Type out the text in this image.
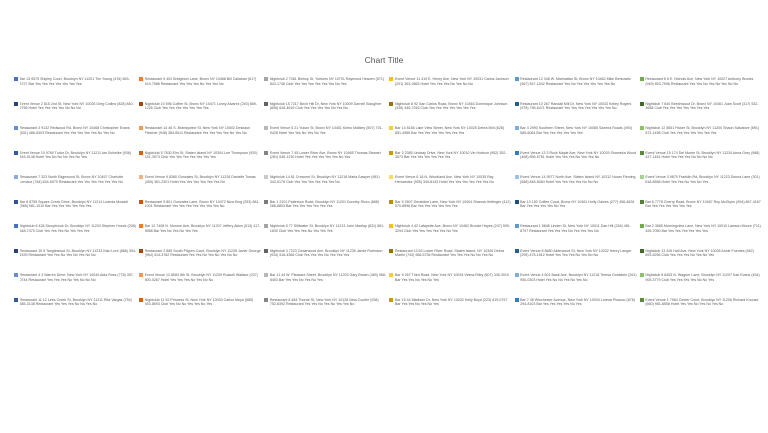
Chart Title
Bar 13 9575 Shipley Court, Brooklyn NY 11201 Tim Young (476) 653-2727 Bar Yes Yes Yes Yes Yes Yes Yes
Restaurant 5 402 Bridgeton Lane, Bronx NY 10468 Bill Callahan (617) 419-7986 Restaurant Yes Yes Yes No Yes Yes No
Nightclub 2 7061 Bishop St, Yonkers NY 10701 Raymond Heaven (571) 843-1746 Club Yes Yes Yes Yes Yes Yes No Yes
Event Venue 11 419 E. Henry Ave, New York NY 10031 Carlos Jackson (201) 363-0653 Hotel Yes Yes Yes No Yes No No
Restaurant 12 348 W. Manhattan St, Bronx NY 10462 Mike Berkowitz (567) 547-1542 Restaurant Yes No Yes Yes Yes Yes Yes No
Restaurant 6 6 E. Nichols Ave, New York NY 10027 Anthony Brooks (949) 803-7596 Restaurant Yes Yes No Yes No Yes No No
Event Venue 2 815 2nd St, New York NY 10026 Greg Collins (828) 840-2756 Hotel Yes Yes Yes Yes No No No
Nightclub 10 596 Coffee St, Bronx NY 10471 Lonny Alvarez (240) 889-1226 Club Yes Yes Yes Yes Yes Yes Yes
Nightclub 15 7217 Birch Hill Dr, New York NY 10009 Darnell Slaughter (806) 628-4615 Club Yes Yes Yes Yes No Yes No
Nightclub 8 92 San Carlos Road, Bronx NY 10463 Dominique Johnson (336) 446-7016 Club Yes Yes Yes Yes Yes Yes Yes
Restaurant 10 267 Randall Mill Dr, New York NY 10033 Kelley Rogers (978) 798-6471 Restaurant Yes Yes Yes Yes Yes Yes Yes No
Nightclub 7 640 Beechwood Dr, Bronx NY 10461 Juan Scott (317) 532-3658 Club Yes Yes Yes Yes Yes Yes Yes
Restaurant 3 9132 Redwood Rd, Bronx NY 10468 Christopher Evans (831) 486-6303 Restaurant Yes Yes Yes Yes Yes No Yes No
Restaurant 14 46 S. Brandywine St, New York NY 10002 Deshaun Fletcher (948) 384-6511 Restaurant Yes Yes Yes Yes No Yes No
Event Venue 5 21 Yukon St, Bronx NY 10451 Kiebo Malikey (507) 701-9428 Hotel Yes Yes No Yes No Yes
Bar 14 8156 Lake View Street, New York NY 10025 Debra Brill (628) 851-4986 Bar Yes Yes Yes Yes Yes Yes Yes
Bar 4 2990 Southern Street, New York NY 10085 Saxena Roads (493) 585-6064 Bar Yes Yes Yes Yes Yes Yes
Nightclub 12 5651 Fisker St, Brooklyn NY 11200 Shaun Salvatore (691) 672-1498 Club Yes Yes Yes Yes Yes Yes Yes
Event Venue 10 9760 Tudor Dr, Brooklyn NY 11211 Ian Schielke (936) 816-9148 Hotel Yes No No No Yes No Yes
Nightclub 5 7830 Elm St, Staten Island NY 10304 Lee Thompson (920) 431-3973 Club Yes Yes Yes Yes Yes Yes Yes
Event Venue 7 45 Lower River Ave, Bronx NY 10465 Thomas Stewart (281) 645-1230 Hotel Yes Yes Yes Yes Yes No Yes
Bar 3 2385 Lindsay Drive, New York NY 10010 Vin Hodson (952) 352-3573 Bar Yes Yes Yes Yes Yes Yes
Event Venue 13 3 Rock Maple Ave, New York NY 10029 Shameka Wood (468) 656-5761 Hotel Yes Yes Yes No Yes Yes No
Event Venue 15 174 Del Monte St, Brooklyn NY 11234 Anna Grey (988) 437-1451 Hotel Yes Yes Yes No No No No
Restaurant 7 323 North Edgewood St, Bronx NY 10457 Charlotte Lemaux (784) 634-6970 Restaurant Yes Yes Yes Yes Yes Yes No
Event Venue 9 8380 Gonzales St, Brooklyn NY 11228 Danielle Tomas (459) 361-2301 Hotel Yes Yes Yes Yes Yes Yes No
Nightclub 14 81 Crescent St, Brooklyn NY 11218 Maria Sawyer (981) 343-5178 Club Yes Yes Yes Yes Yes Yes No
Event Venue 6 18 N. Woodland Ave, New York NY 10035 Ray Hernandez (905) 345-8143 Hotel Yes Yes Yes Yes Yes Yes No
Event Venue 14 9577 North Ave, Staten Island NY 10312 Noam Fleming (658) 848-8084 Hotel Yes Yes Yes Yes No No No
Event Venue 3 9875 Franklin Rd, Brooklyn NY 11223 Donna Lane (301) 618-8558 Hotel Yes Yes No Yes No Yes
Bar 8 8755 Square Creek Drive, Brooklyn NY 11214 Luanda Mosadi (985) 581-1010 Bar Yes Yes Yes Yes Yes Yes
Restaurant 9 801 Gonzales Lane, Bronx NY 10472 Nica King (253) 861-1001 Restaurant Yes Yes Yes Yes Yes Yes Yes No
Bar 1 2101 Patterson Road, Brooklyn NY 11201 Dorothy Rizzo (888) 286-8803 Bar Yes Yes Yes Yes Yes Yes
Bar 5 2607 Geraldine Lane, New York NY 10004 Shanna Hettinger (412) 570-8596 Bar Yes Yes Yes Yes Yes Yes
Bar 10 182 Coffee Court, Bronx NY 10461 Holly Gaines (277) 456-4626 Bar Yes Yes Yes Yes No Yes
Bar 6 7778 Cherry Road, Bronx NY 10467 Roy McGlynn (594) 867-4167 Bar Yes Yes Yes Yes Yes Yes
Nightclub 6 428 Stonybrook Dr, Brooklyn NY 11203 Stephen Hoeck (208) 348-7470 Club Yes Yes Yes No Yes Yes Yes
Bar 12 7408 N. Monroe Ave, Brooklyn NY 11207 Jeffery Akins (513) 417-8958 Bar Yes No Yes No Yes Yes
Nightclub 5 77 Stillwater St, Brooklyn NY 11213 John Madlay (831) 581-1830 Club Yes Yes Yes No Yes Yes Yes
Nightclub 4 42 Lafayette Ave, Bronx NY 10462 Brooke Hayes (247) 599-3294 Club Yes Yes Yes Yes Yes No Yes
Restaurant 1 5846 Linden St, New York NY 10011 Dan Hill (248) 481-8797 Restaurant Yes Yes Yes No Yes Yes Yes No
Bar 2 3685 Morningview Lane, New York NY 10010 Lawson Moore (711) 426-7050 Bar Yes Yes Yes Yes Yes Yes
Restaurant 15 5 Tanglewood St, Brooklyn NY 11233 Kiari Lore (886) 354-1539 Restaurant Yes Yes No Yes No Yes No No
Restaurant 2 885 South Pilgrim Court, Brooklyn NY 11235 Javier George (964) 314-3782 Restaurant Yes Yes No Yes No Yes No No
Nightclub 3 7223 Cedarwood Ave, Brooklyn NY 11235 Jamie Robinson (934) 516-4366 Club Yes Yes Yes No Yes Yes Yes
Restaurant 13 63 Lower River Road, Staten Island, NY 10306 Debra Martin (743) 968-5736 Restaurant Yes Yes Yes No No Yes No
Event Venue 8 8680 Alderwood St, New York NY 10032 Henry Langer (295) 475-1512 Hotel Yes Yes Yes No Yes No No
Nightclub 13 426 Hall Ave, New York NY 10028 Annie Fuentes (462) 893-6256 Club Yes Yes Yes No Yes No Yes
Restaurant 4 3 Warren Drive, New York NY 10040 Adia Ross (778) 357-0744 Restaurant Yes Yes Yes No Yes No No No
Event Venue 12 8083 8th St, Brooklyn NY 11209 Russell Wallace (237) 800-0267 Hotel Yes Yes Yes No Yes No No
Bar 11 44 W. Pleasant Street, Brooklyn NY 11203 Gary Brown (469) 968-8453 Bar Yes Yes No Yes No Yes
Bar 9 267 Third Road, New York NY 10034 Velma Riley (607) 345-3010 Bar Yes Yes No Yes No Yes
Event Venue 4 601 Bank Ave, Brooklyn NY 11218 Teresa Goldstein (261) 950-0303 Hotel Yes No No Yes No Yes No
Nightclub 8 8453 N. Wagner Lane, Brooklyn NY 11207 Karl Evans (454) 905-3779 Club Yes Yes Yes Yes No No Yes
Restaurant 11 12 Lees Creek St, Brooklyn NY 11211 Rita Vargas (754) 685-3138 Restaurant Yes Yes Yes No No Yes No
Nightclub 11 92 Princess St, New York NY 10033 Carlos Moya (685) 453-8693 Club Yes No No Yes Yes No Yes
Restaurant 8 484 Thorne St, New York NY 10128 Nina Coulter (938) 752-6392 Restaurant Yes Yes No Yes No Yes Yes No
Bar 15 44 Madison Dr, New York NY 10032 Kelly Boyd (223) 819-0797 Bar Yes Yes No Yes No Yes
Bar 7 48 Winchester Avenue, New York NY 10034 Lorena Pisacco (678) 294-8103 Bar Yes Yes Yes Yes No Yes
Event Venue 1 7584 Center Court, Brooklyn NY 11208 Richard Knouse (660) 981-8558 Hotel Yes Yes No Yes No Yes No
